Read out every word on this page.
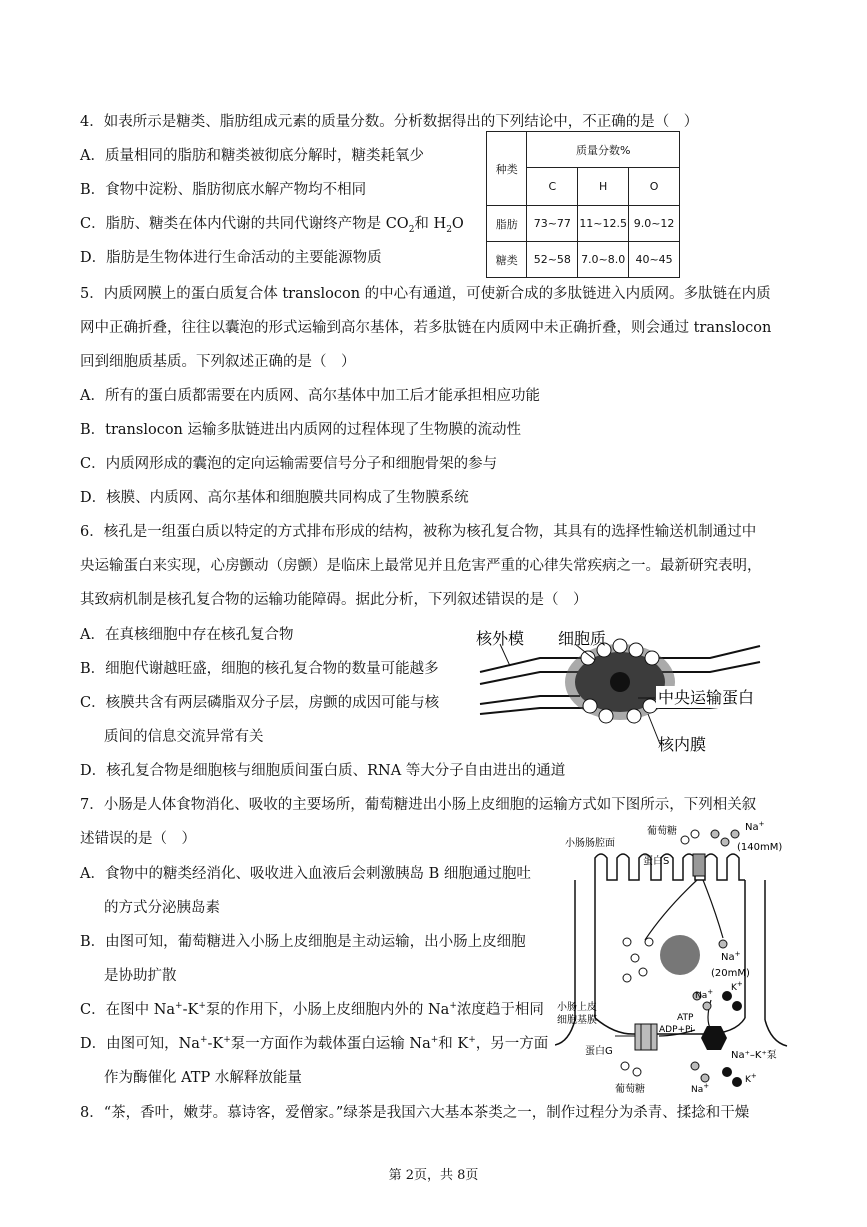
4．如表所示是糖类、脂肪组成元素的质量分数。分析数据得出的下列结论中，不正确的是（　）
A．质量相同的脂肪和糖类被彻底分解时，糖类耗氧少
B．食物中淀粉、脂肪彻底水解产物均不相同
C．脂肪、糖类在体内代谢的共同代谢终产物是 $CO_2$和 $H_2O$
D．脂肪是生物体进行生命活动的主要能源物质
种类	质量分数%		
	C	H	O
脂肪	73~77	11~12.5	9.0~12
糖类	52~58	7.0~8.0	40~45
5．内质网膜上的蛋白质复合体 translocon 的中心有通道，可使新合成的多肽链进入内质网。多肽链在内质
网中正确折叠，往往以囊泡的形式运输到高尔基体，若多肽链在内质网中未正确折叠，则会通过 translocon
回到细胞质基质。下列叙述正确的是（　）
A．所有的蛋白质都需要在内质网、高尔基体中加工后才能承担相应功能
B．translocon 运输多肽链进出内质网的过程体现了生物膜的流动性
C．内质网形成的囊泡的定向运输需要信号分子和细胞骨架的参与
D．核膜、内质网、高尔基体和细胞膜共同构成了生物膜系统
6．核孔是一组蛋白质以特定的方式排布形成的结构，被称为核孔复合物，其具有的选择性输送机制通过中
央运输蛋白来实现，心房颤动（房颤）是临床上最常见并且危害严重的心律失常疾病之一。最新研究表明，
其致病机制是核孔复合物的运输功能障碍。据此分析，下列叙述错误的是（　）
A．在真核细胞中存在核孔复合物
B．细胞代谢越旺盛，细胞的核孔复合物的数量可能越多
C．核膜共含有两层磷脂双分子层，房颤的成因可能与核
质间的信息交流异常有关
D．核孔复合物是细胞核与细胞质间蛋白质、RNA 等大分子自由进出的通道
核外模 细胞质
中央运输蛋白
核内膜
7．小肠是人体食物消化、吸收的主要场所，葡萄糖进出小肠上皮细胞的运输方式如下图所示，下列相关叙
述错误的是（　）
A．食物中的糖类经消化、吸收进入血液后会刺激胰岛 B 细胞通过胞吐
的方式分泌胰岛素
B．由图可知，葡萄糖进入小肠上皮细胞是主动运输，出小肠上皮细胞
是协助扩散
C．在图中 Na+-K+泵的作用下，小肠上皮细胞内外的 Na+浓度趋于相同
D．由图可知，Na+-K+泵一方面作为载体蛋白运输 Na+和 K+，另一方面
作为酶催化 ATP 水解释放能量
小肠肠腔面
葡萄糖	Na+
(140mM)
蛋白S
Na+
(20mM)
小肠上皮
细胞基膜	ATP
ADP+Pi
Na+ K+
蛋白G	Na⁺–K⁺泵
葡萄糖	Na+
K+
8．“茶，香叶，嫩芽。慕诗客，爱僧家。”绿茶是我国六大基本茶类之一，制作过程分为杀青、揉捻和干燥
第 2页，共 8页
